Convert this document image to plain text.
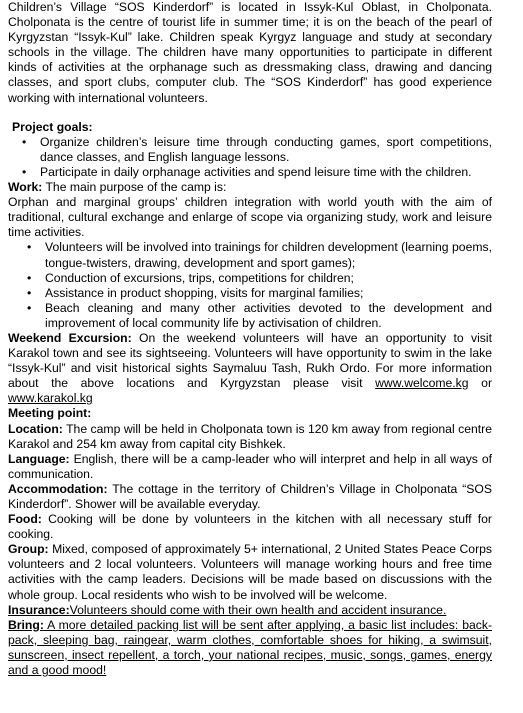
Children’s Village “SOS Kinderdorf” is located in Issyk-Kul Oblast, in Cholponata. Cholponata is the centre of tourist life in summer time; it is on the beach of the pearl of Kyrgyzstan “Issyk-Kul” lake. Children speak Kyrgyz language and study at secondary schools in the village. The children have many opportunities to participate in different kinds of activities at the orphanage such as dressmaking class, drawing and dancing classes, and sport clubs, computer club. The “SOS Kinderdorf” has good experience working with international volunteers.

Project goals:

• Organize children’s leisure time through conducting games, sport competitions, dance classes, and English language lessons.
• Participate in daily orphanage activities and spend leisure time with the children.

Work: The main purpose of the camp is:

Orphan and marginal groups’ children integration with world youth with the aim of traditional, cultural exchange and enlarge of scope via organizing study, work and leisure time activities.

• Volunteers will be involved into trainings for children development (learning poems, tongue-twisters, drawing, development and sport games);
• Conduction of excursions, trips, competitions for children;
• Assistance in product shopping, visits for marginal families;
• Beach cleaning and many other activities devoted to the development and improvement of local community life by activisation of children.

Weekend Excursion: On the weekend volunteers will have an opportunity to visit Karakol town and see its sightseeing. Volunteers will have opportunity to swim in the lake “Issyk-Kul” and visit historical sights Saymaluu Tash, Rukh Ordo. For more information about the above locations and Kyrgyzstan please visit www.welcome.kg or www.karakol.kg

Meeting point:

Location: The camp will be held in Cholponata town is 120 km away from regional centre Karakol and 254 km away from capital city Bishkek.

Language: English, there will be a camp-leader who will interpret and help in all ways of communication.

Accommodation: The cottage in the territory of Children’s Village in Cholponata “SOS Kinderdorf”. Shower will be available everyday.

Food: Cooking will be done by volunteers in the kitchen with all necessary stuff for cooking.

Group: Mixed, composed of approximately 5+ international, 2 United States Peace Corps volunteers and 2 local volunteers. Volunteers will manage working hours and free time activities with the camp leaders. Decisions will be made based on discussions with the whole group. Local residents who wish to be involved will be welcome.

Insurance:Volunteers should come with their own health and accident insurance.

Bring: A more detailed packing list will be sent after applying, a basic list includes: back-pack, sleeping bag, raingear, warm clothes, comfortable shoes for hiking, a swimsuit, sunscreen, insect repellent, a torch, your national recipes, music, songs, games, energy and a good mood!
